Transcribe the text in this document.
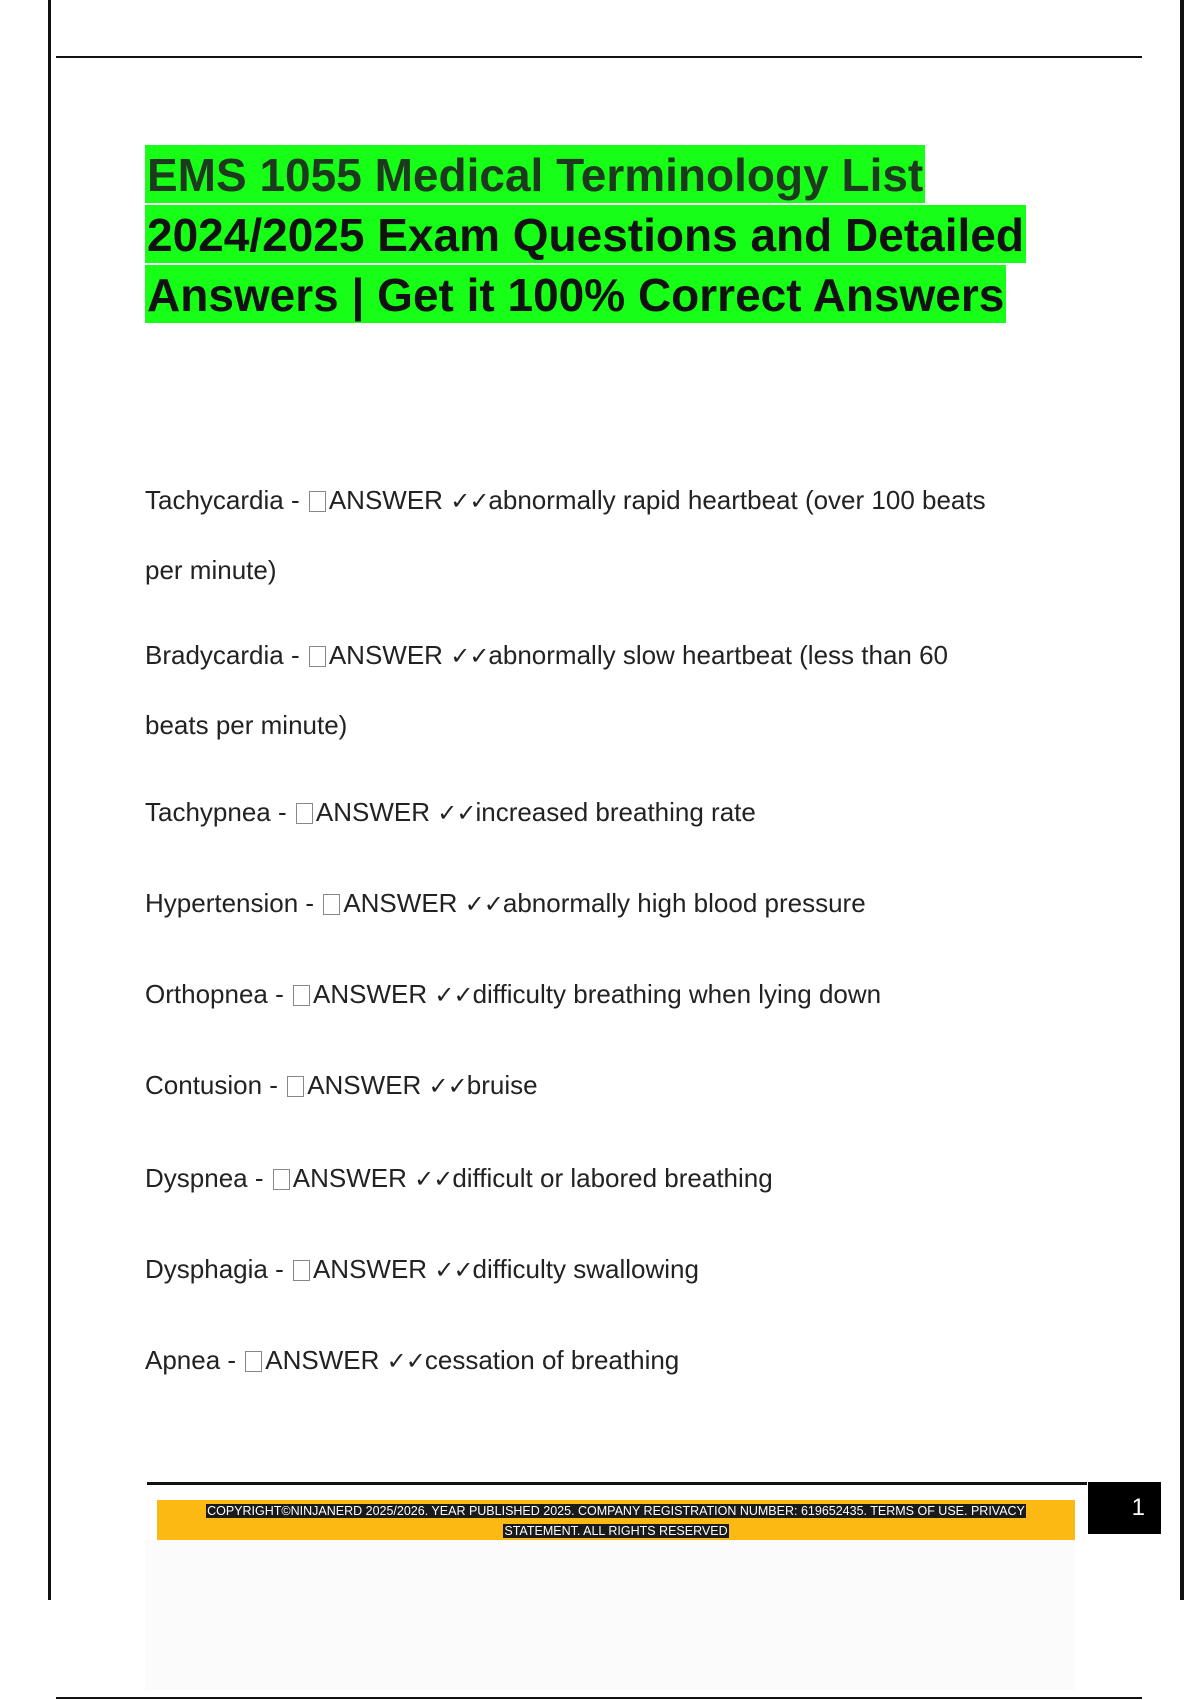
EMS 1055 Medical Terminology List
2024/2025 Exam Questions and Detailed
Answers | Get it 100% Correct Answers
Tachycardia - ANSWER ✓✓abnormally rapid heartbeat (over 100 beats
per minute)
Bradycardia - ANSWER ✓✓abnormally slow heartbeat (less than 60
beats per minute)
Tachypnea - ANSWER ✓✓increased breathing rate
Hypertension - ANSWER ✓✓abnormally high blood pressure
Orthopnea - ANSWER ✓✓difficulty breathing when lying down
Contusion - ANSWER ✓✓bruise
Dyspnea - ANSWER ✓✓difficult or labored breathing
Dysphagia - ANSWER ✓✓difficulty swallowing
Apnea - ANSWER ✓✓cessation of breathing
COPYRIGHT©NINJANERD 2025/2026. YEAR PUBLISHED 2025. COMPANY REGISTRATION NUMBER: 619652435. TERMS OF USE. PRIVACY
STATEMENT. ALL RIGHTS RESERVED
1
